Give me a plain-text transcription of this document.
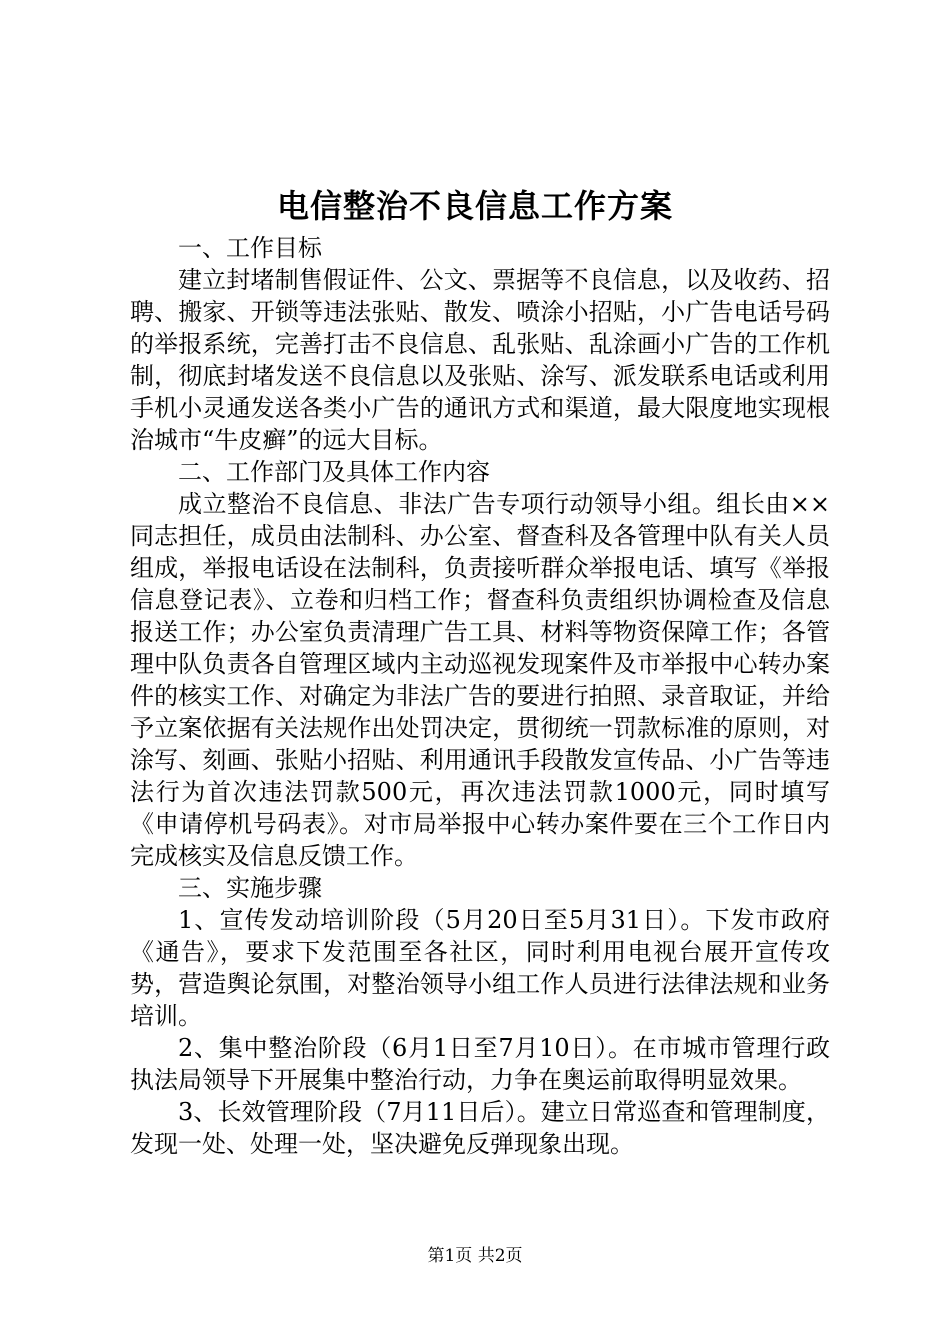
电信整治不良信息工作方案

一、工作目标

建立封堵制售假证件、公文、票据等不良信息，以及收药、招聘、搬家、开锁等违法张贴、散发、喷涂小招贴，小广告电话号码的举报系统，完善打击不良信息、乱张贴、乱涂画小广告的工作机制，彻底封堵发送不良信息以及张贴、涂写、派发联系电话或利用手机小灵通发送各类小广告的通讯方式和渠道，最大限度地实现根治城市“牛皮癣”的远大目标。

二、工作部门及具体工作内容

成立整治不良信息、非法广告专项行动领导小组。组长由××同志担任，成员由法制科、办公室、督查科及各管理中队有关人员组成，举报电话设在法制科，负责接听群众举报电话、填写《举报信息登记表》、立卷和归档工作；督查科负责组织协调检查及信息报送工作；办公室负责清理广告工具、材料等物资保障工作；各管理中队负责各自管理区域内主动巡视发现案件及市举报中心转办案件的核实工作、对确定为非法广告的要进行拍照、录音取证，并给予立案依据有关法规作出处罚决定，贯彻统一罚款标准的原则，对涂写、刻画、张贴小招贴、利用通讯手段散发宣传品、小广告等违法行为首次违法罚款500元，再次违法罚款1000元，同时填写《申请停机号码表》。对市局举报中心转办案件要在三个工作日内完成核实及信息反馈工作。

三、实施步骤

1、宣传发动培训阶段（5月20日至5月31日）。下发市政府《通告》，要求下发范围至各社区，同时利用电视台展开宣传攻势，营造舆论氛围，对整治领导小组工作人员进行法律法规和业务培训。

2、集中整治阶段（6月1日至7月10日）。在市城市管理行政执法局领导下开展集中整治行动，力争在奥运前取得明显效果。

3、长效管理阶段（7月11日后）。建立日常巡查和管理制度，发现一处、处理一处，坚决避免反弹现象出现。

第1页 共2页
